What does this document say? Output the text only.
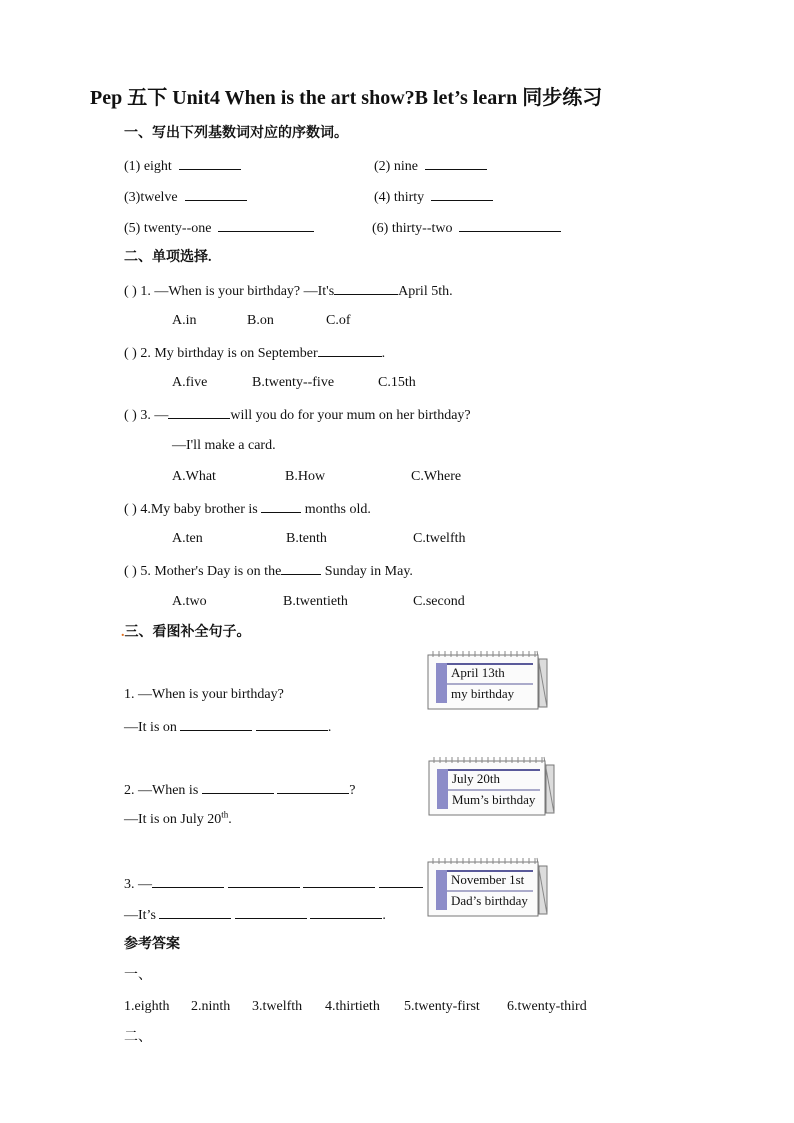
Pep 五下 Unit4 When is the art show?B let’s learn 同步练习
一、写出下列基数词对应的序数词。
(1) eight	(2) nine
(3)twelve	(4) thirty
(5) twenty--one	(6) thirty--two
二、单项选择.
( ) 1. —When is your birthday? —It's	April 5th.
A.in	B.on	C.of
( ) 2. My birthday is on September	.
A.five	B.twenty--five	C.15th
( ) 3. —	will you do for your mum on her birthday?
—I'll make a card.
A.What	B.How	C.Where
( ) 4.My baby brother is	months old.
A.ten	B.tenth	C.twelfth
( ) 5. Mother's Day is on the	Sunday in May.
A.two	B.twentieth	C.second
.三、看图补全句子。
1. —When is your birthday?
—It is on	.
2. —When is	?
—It is on July 20th.
3. —
—It’s	.
April 13th
my birthday
July 20th
Mum’s birthday
November 1st
Dad’s birthday
参考答案
一、
1.eighth 2.ninth 3.twelfth 4.thirtieth 5.twenty-first 6.twenty-third
二、
